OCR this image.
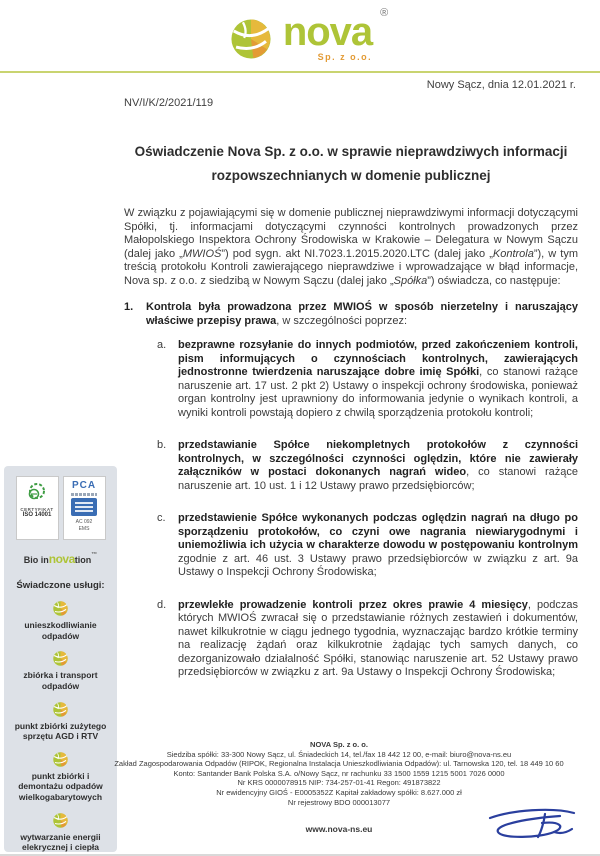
nova ®
Sp. z o.o.
Nowy Sącz, dnia 12.01.2021 r.
NV/I/K/2/2021/119
Oświadczenie Nova Sp. z o.o. w sprawie nieprawdziwych informacji rozpowszechnianych w domenie publicznej

W związku z pojawiającymi się w domenie publicznej nieprawdziwymi informacji dotyczącymi Spółki, tj. informacjami dotyczącymi czynności kontrolnych prowadzonych przez Małopolskiego Inspektora Ochrony Środowiska w Krakowie – Delegatura w Nowym Sączu (dalej jako „MWIOŚ”) pod sygn. akt NI.7023.1.2015.2020.LTC (dalej jako „Kontrola”), w tym treścią protokołu Kontroli zawierającego nieprawdziwe i wprowadzające w błąd informacje, Nova sp. z o.o. z siedzibą w Nowym Sączu (dalej jako „Spółka”) oświadcza, co następuje:

1.	Kontrola była prowadzona przez MWIOŚ w sposób nierzetelny i naruszający właściwe przepisy prawa, w szczególności poprzez:

a.	bezprawne rozsyłanie do innych podmiotów, przed zakończeniem kontroli, pism informujących o czynnościach kontrolnych, zawierających jednostronne twierdzenia naruszające dobre imię Spółki, co stanowi rażące naruszenie art. 17 ust. 2 pkt 2) Ustawy o inspekcji ochrony środowiska, ponieważ organ kontrolny jest uprawniony do informowania jedynie o wynikach kontroli, a wyniki kontroli powstają dopiero z chwilą sporządzenia protokołu kontroli;

b.	przedstawianie Spółce niekompletnych protokołów z czynności kontrolnych, w szczególności czynności oględzin, które nie zawierały załączników w postaci dokonanych nagrań wideo, co stanowi rażące naruszenie art. 10 ust. 1 i 12 Ustawy prawo przedsiębiorców;

c.	przedstawienie Spółce wykonanych podczas oględzin nagrań na długo po sporządzeniu protokołów, co czyni owe nagrania niewiarygodnymi i uniemożliwia ich użycia w charakterze dowodu w postępowaniu kontrolnym zgodnie z art. 46 ust. 3 Ustawy prawo przedsiębiorców w związku z art. 9a Ustawy o Inspekcji Ochrony Środowiska;

d.	przewlekłe prowadzenie kontroli przez okres prawie 4 miesięcy, podczas których MWIOŚ zwracał się o przedstawianie różnych zestawień i dokumentów, nawet kilkukrotnie w ciągu jednego tygodnia, wyznaczając bardzo krótkie terminy na realizację żądań oraz kilkukrotnie żądając tych samych danych, co dezorganizowało działalność Spółki, stanowiąc naruszenie art. 52 Ustawy prawo przedsiębiorców w związku z art. 9a Ustawy o Inspekcji Ochrony Środowiska;

CERTYFIKAT
ISO 14001
PCA
AC 092
EMS
Bio innovation™
Świadczone usługi:
unieszkodliwianie odpadów
zbiórka i transport odpadów
punkt zbiórki zużytego sprzętu AGD i RTV
punkt zbiórki i demontażu odpadów wielkogabarytowych
wytwarzanie energii elekrycznej i ciepła
NOVA Sp. z o. o.
Siedziba spółki: 33-300 Nowy Sącz, ul. Śniadeckich 14, tel./fax 18 442 12 00, e-mail: biuro@nova-ns.eu
Zakład Zagospodarowania Odpadów (RIPOK, Regionalna Instalacja Unieszkodliwiania Odpadów): ul. Tarnowska 120, tel. 18 449 10 60
Konto: Santander Bank Polska S.A. o/Nowy Sącz, nr rachunku 33 1500 1559 1215 5001 7026 0000
Nr KRS 0000078915 NIP: 734-257-01-41 Regon: 491873822
Nr ewidencyjny GIOŚ - E0005352Z Kapitał zakładowy spółki: 8.627.000 zł
Nr rejestrowy BDO 000013077
www.nova-ns.eu
